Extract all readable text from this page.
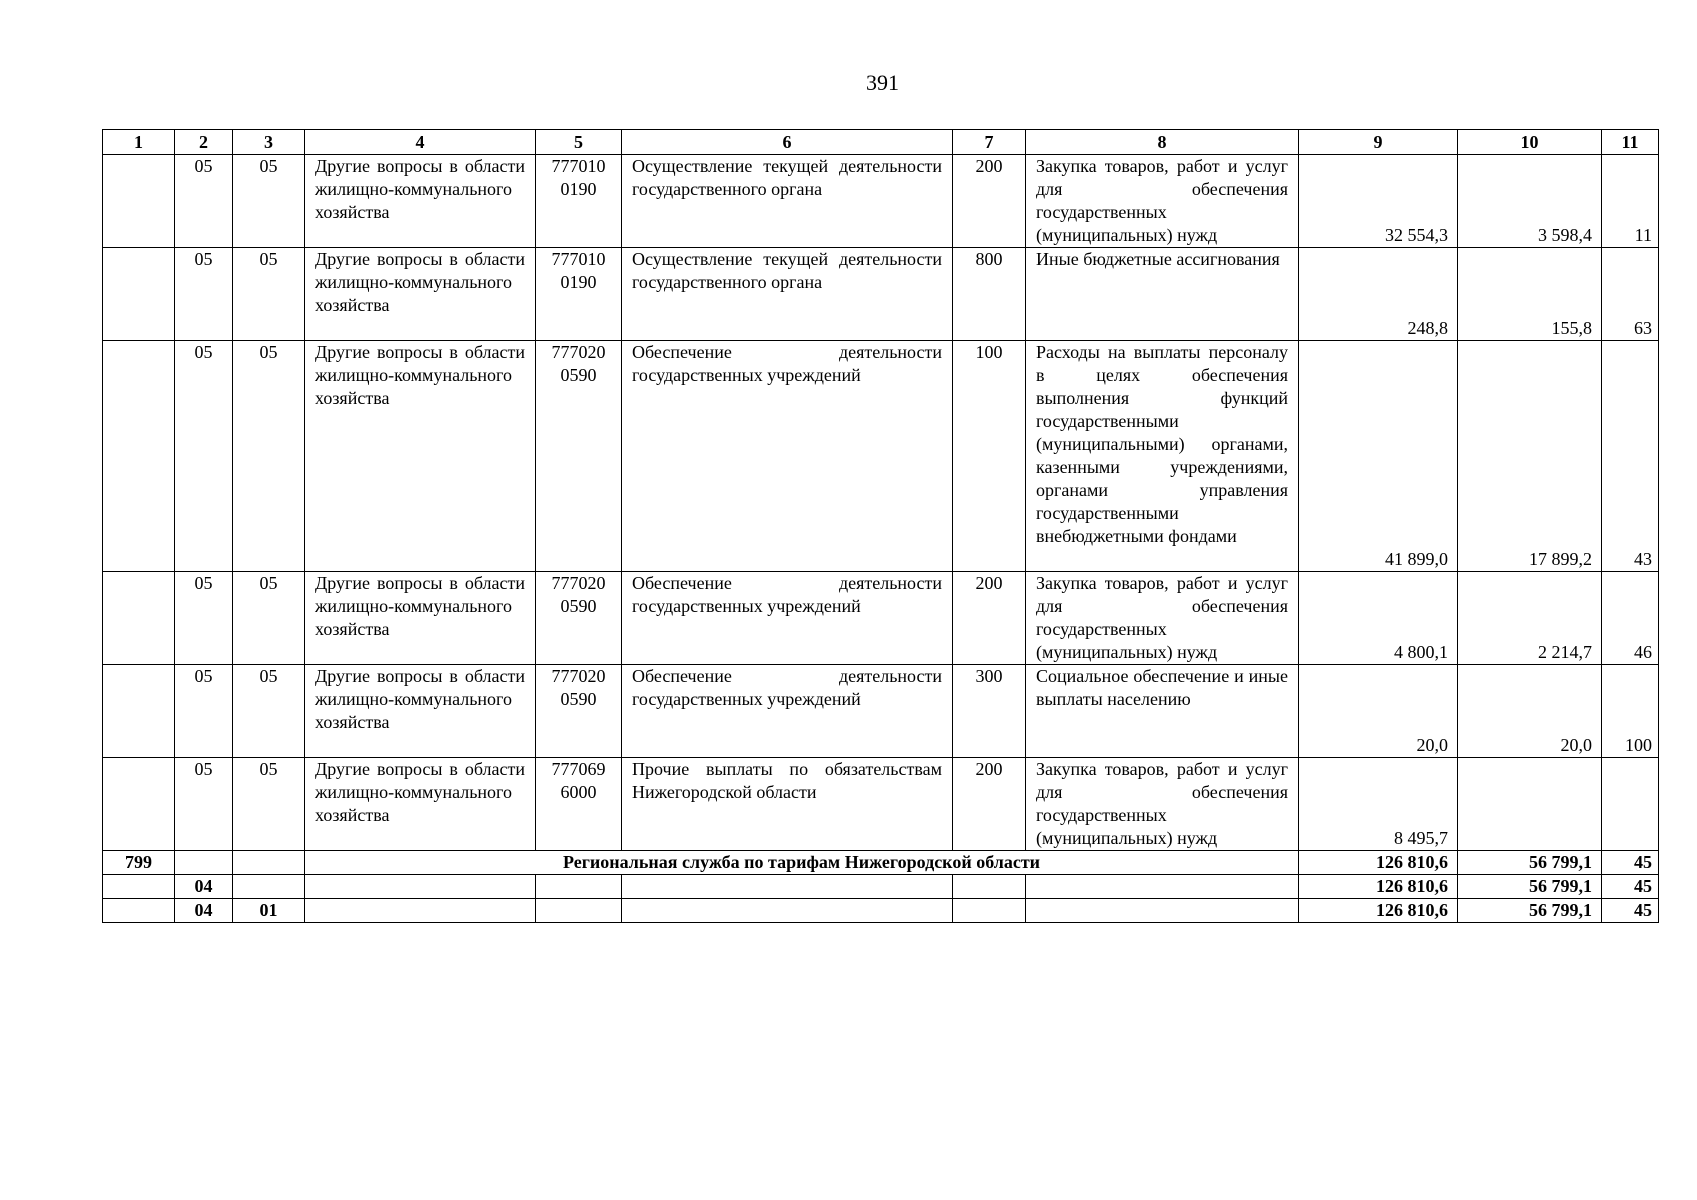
391
1	2	3	4	5	6	7	8	9	10	11
	05	05	Другие вопросы в области жилищно-коммунального хозяйства	777010 0190	Осуществление текущей деятельности государственного органа	200	Закупка товаров, работ и услуг для обеспечения государственных (муниципальных) нужд	32 554,3	3 598,4	11
	05	05	Другие вопросы в области жилищно-коммунального хозяйства	777010 0190	Осуществление текущей деятельности государственного органа	800	Иные бюджетные ассигнования	248,8	155,8	63
	05	05	Другие вопросы в области жилищно-коммунального хозяйства	777020 0590	Обеспечение деятельности государственных учреждений	100	Расходы на выплаты персоналу в целях обеспечения выполнения функций государственными (муниципальными) органами, казенными учреждениями, органами управления государственными внебюджетными фондами	41 899,0	17 899,2	43
	05	05	Другие вопросы в области жилищно-коммунального хозяйства	777020 0590	Обеспечение деятельности государственных учреждений	200	Закупка товаров, работ и услуг для обеспечения государственных (муниципальных) нужд	4 800,1	2 214,7	46
	05	05	Другие вопросы в области жилищно-коммунального хозяйства	777020 0590	Обеспечение деятельности государственных учреждений	300	Социальное обеспечение и иные выплаты населению	20,0	20,0	100
	05	05	Другие вопросы в области жилищно-коммунального хозяйства	777069 6000	Прочие выплаты по обязательствам Нижегородской области	200	Закупка товаров, работ и услуг для обеспечения государственных (муниципальных) нужд	8 495,7		
799			Региональная служба по тарифам Нижегородской области					126 810,6	56 799,1	45
	04							126 810,6	56 799,1	45
	04	01						126 810,6	56 799,1	45
